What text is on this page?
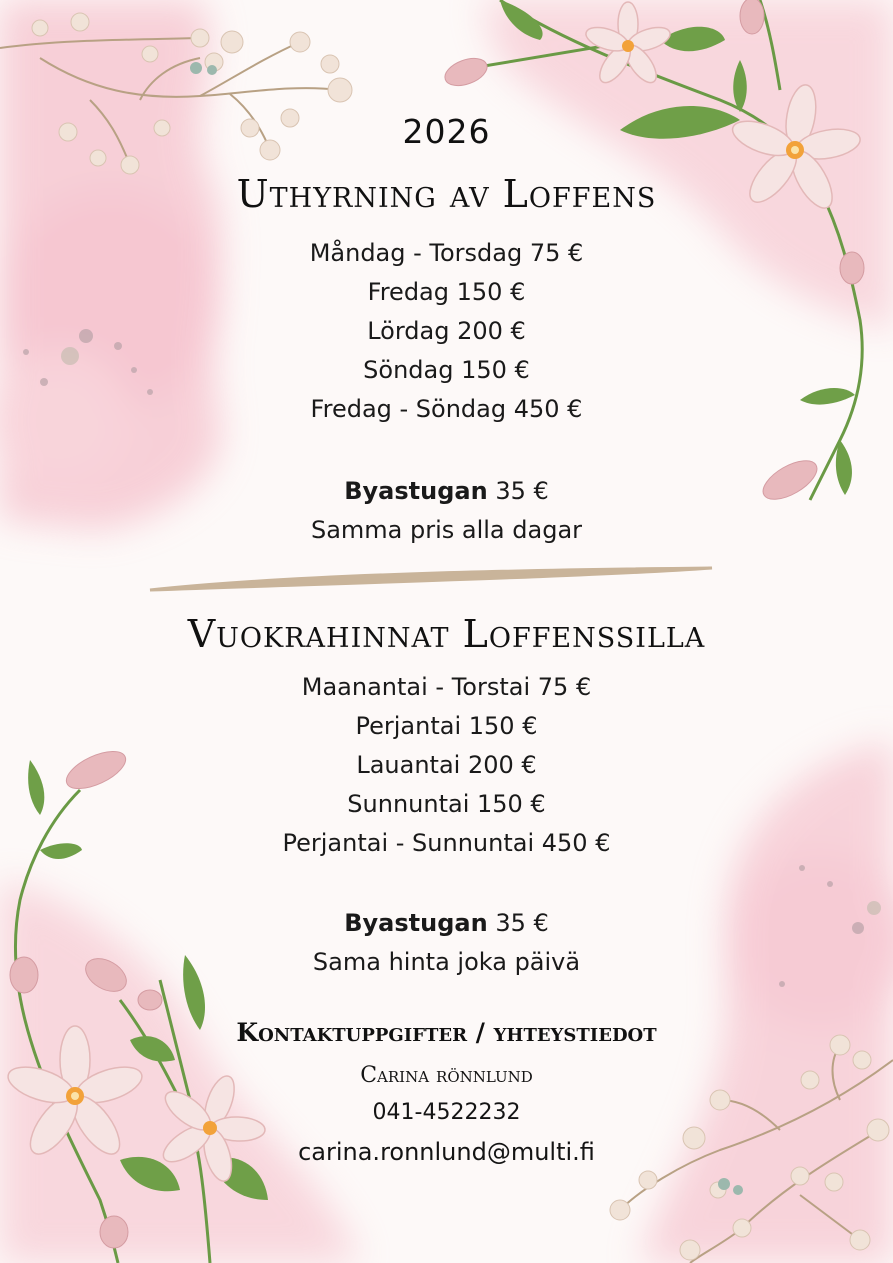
2026
Uthyrning av Loffens
Måndag - Torsdag 75 €
Fredag 150 €
Lördag 200 €
Söndag 150 €
Fredag - Söndag 450 €
Byastugan 35 €
Samma pris alla dagar
Vuokrahinnat Loffenssilla
Maanantai - Torstai 75 €
Perjantai 150 €
Lauantai 200 €
Sunnuntai 150 €
Perjantai - Sunnuntai 450 €
Byastugan 35 €
Sama hinta joka päivä
Kontaktuppgifter / yhteystiedot
Carina rönnlund
041-4522232
carina.ronnlund@multi.fi
